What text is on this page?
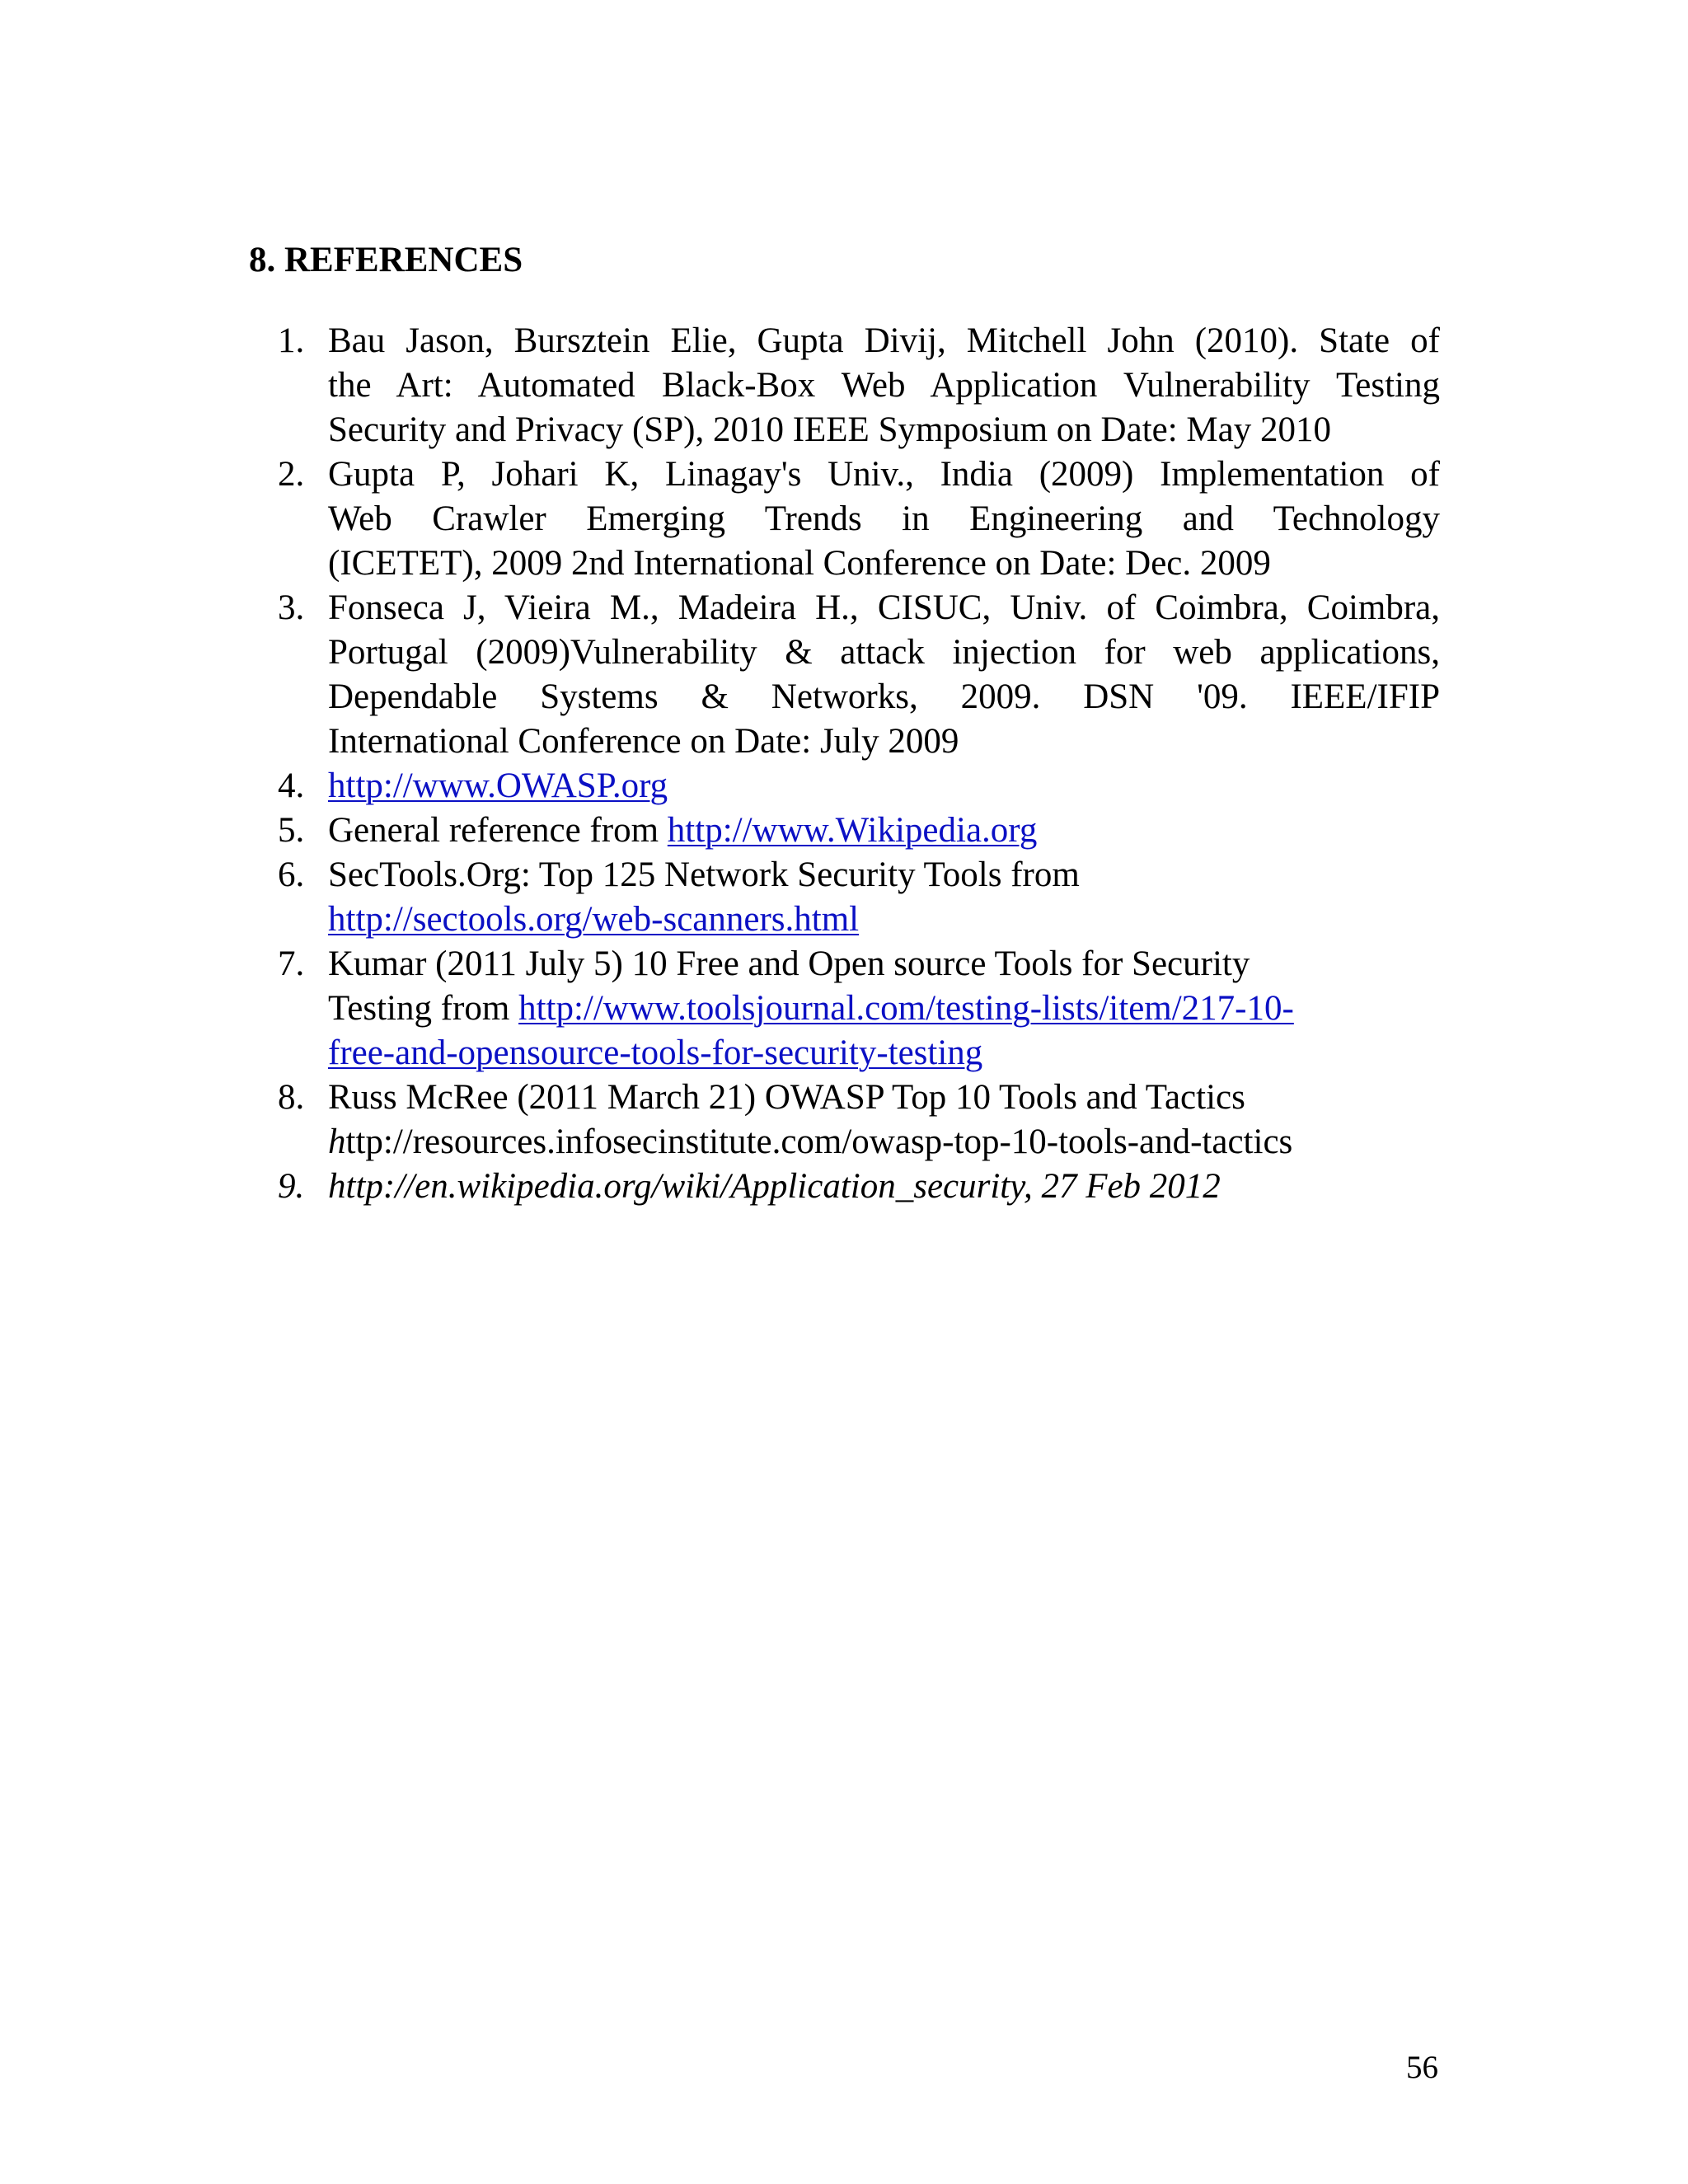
8. REFERENCES
1. Bau Jason, Bursztein Elie, Gupta Divij, Mitchell John (2010). State of
the Art: Automated Black-Box Web Application Vulnerability Testing
Security and Privacy (SP), 2010 IEEE Symposium on Date: May 2010
2. Gupta P, Johari K, Linagay's Univ., India (2009) Implementation of
Web Crawler Emerging Trends in Engineering and Technology
(ICETET), 2009 2nd International Conference on Date: Dec. 2009
3. Fonseca J, Vieira M., Madeira H., CISUC, Univ. of Coimbra, Coimbra,
Portugal (2009)Vulnerability & attack injection for web applications,
Dependable Systems & Networks, 2009. DSN '09. IEEE/IFIP
International Conference on Date: July 2009
4. http://www.OWASP.org
5. General reference from http://www.Wikipedia.org
6. SecTools.Org: Top 125 Network Security Tools from
http://sectools.org/web-scanners.html
7. Kumar (2011 July 5) 10 Free and Open source Tools for Security
Testing from http://www.toolsjournal.com/testing-lists/item/217-10-
free-and-opensource-tools-for-security-testing
8. Russ McRee (2011 March 21) OWASP Top 10 Tools and Tactics
http://resources.infosecinstitute.com/owasp-top-10-tools-and-tactics
9. http://en.wikipedia.org/wiki/Application_security, 27 Feb 2012
56
